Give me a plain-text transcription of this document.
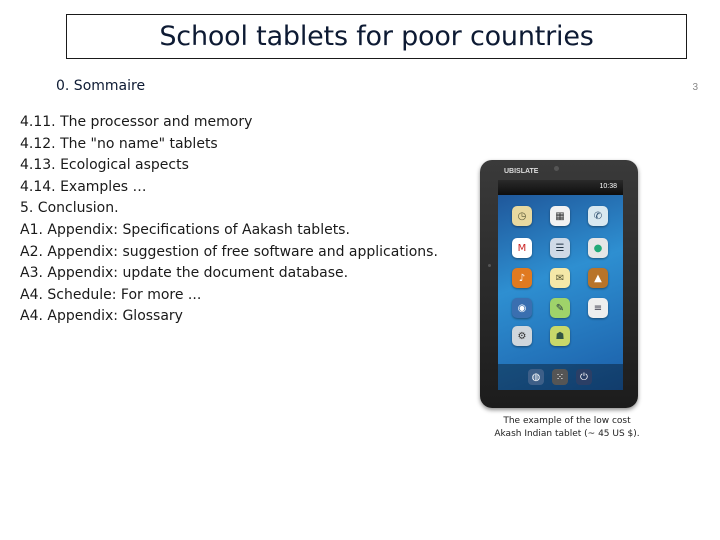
School tablets for poor countries
0. Sommaire	3
4.11. The processor and memory
4.12. The "no name" tablets
4.13. Ecological aspects
4.14. Examples …
5. Conclusion.
A1. Appendix: Specifications of Aakash tablets.
A2. Appendix: suggestion of free software and applications.
A3. Appendix: update the document database.
A4. Schedule: For more ...
A4. Appendix: Glossary
UBISLATE
10:38
◷	▦	✆
M	☰	●
♪	✉	▲
◉	✎	≡
⚙	☗
◍	⁙	⏻
The example of the low cost
Akash Indian tablet (~ 45 US $).
